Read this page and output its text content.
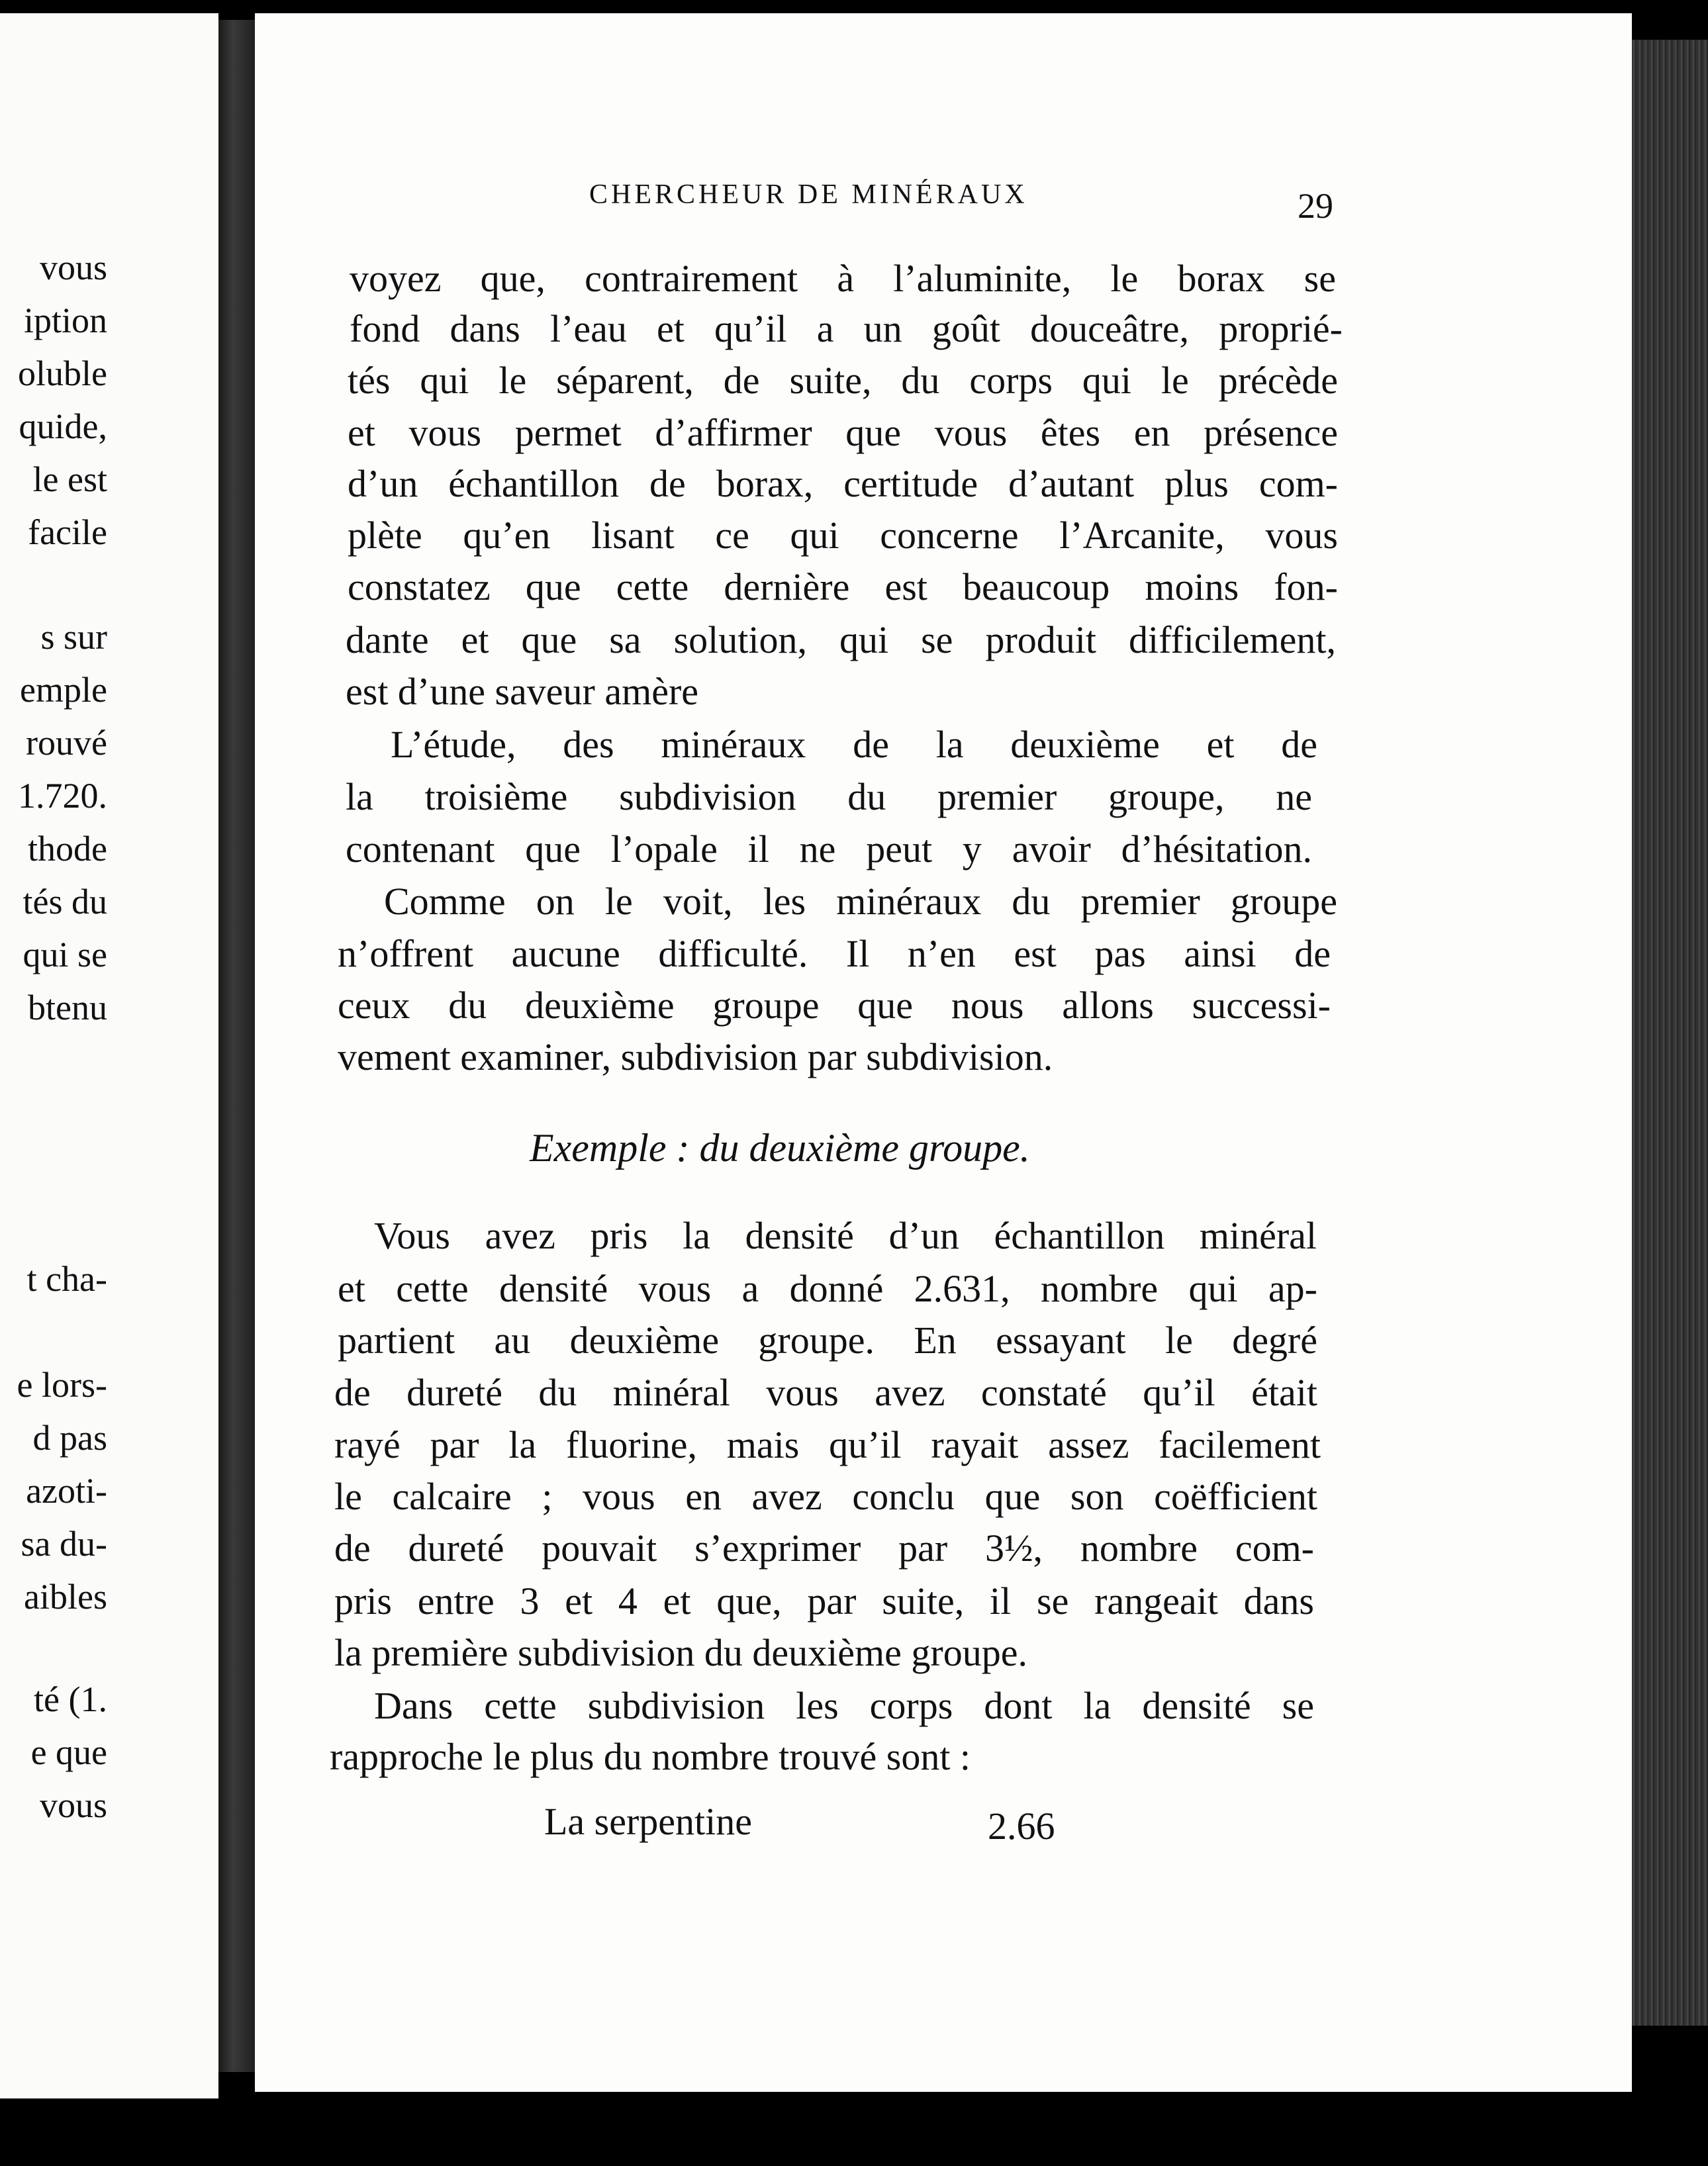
vous
iption
oluble
quide,
le est
facile
s sur
emple
rouvé
1.720.
thode
tés du
qui se
btenu
t cha-
e lors-
d pas
azoti-
sa du-
aibles
té (1.
e que
vous
CHERCHEUR DE MINÉRAUX	29
voyez que, contrairement à l’aluminite, le borax se
fond dans l’eau et qu’il a un goût douceâtre, proprié-
tés qui le séparent, de suite, du corps qui le précède
et vous permet d’affirmer que vous êtes en présence
d’un échantillon de borax, certitude d’autant plus com-
plète qu’en lisant ce qui concerne l’Arcanite, vous
constatez que cette dernière est beaucoup moins fon-
dante et que sa solution, qui se produit difficilement,
est d’une saveur amère
L’étude, des minéraux de la deuxième et de
la troisième subdivision du premier groupe, ne
contenant que l’opale il ne peut y avoir d’hésitation.
Comme on le voit, les minéraux du premier groupe
n’offrent aucune difficulté. Il n’en est pas ainsi de
ceux du deuxième groupe que nous allons successi-
vement examiner, subdivision par subdivision.
Vous avez pris la densité d’un échantillon minéral
et cette densité vous a donné 2.631, nombre qui ap-
partient au deuxième groupe. En essayant le degré
de dureté du minéral vous avez constaté qu’il était
rayé par la fluorine, mais qu’il rayait assez facilement
le calcaire ; vous en avez conclu que son coëfficient
de dureté pouvait s’exprimer par 3½, nombre com-
pris entre 3 et 4 et que, par suite, il se rangeait dans
la première subdivision du deuxième groupe.
Dans cette subdivision les corps dont la densité se
rapproche le plus du nombre trouvé sont :
Exemple : du deuxième groupe.
La serpentine	2.66
